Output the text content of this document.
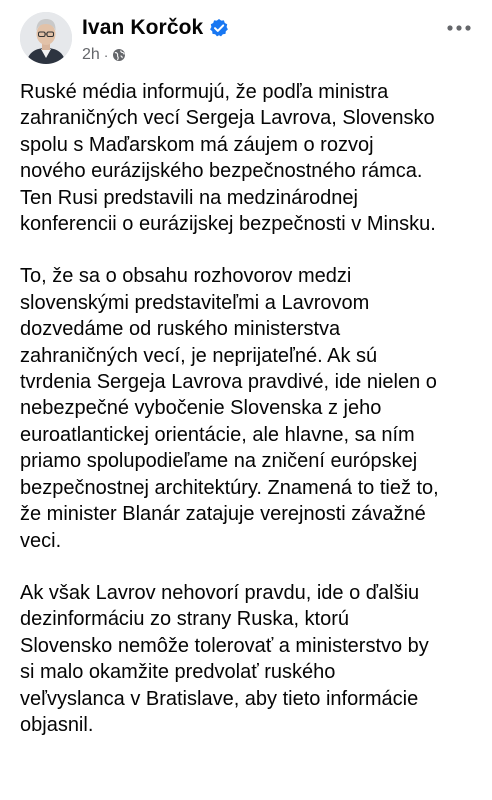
Ivan Korčok
2h ·

Ruské média informujú, že podľa ministra
zahraničných vecí Sergeja Lavrova, Slovensko
spolu s Maďarskom má záujem o rozvoj
nového eurázijského bezpečnostného rámca.
Ten Rusi predstavili na medzinárodnej
konferencii o eurázijskej bezpečnosti v Minsku.

To, že sa o obsahu rozhovorov medzi
slovenskými predstaviteľmi a Lavrovom
dozvedáme od ruského ministerstva
zahraničných vecí, je neprijateľné. Ak sú
tvrdenia Sergeja Lavrova pravdivé, ide nielen o
nebezpečné vybočenie Slovenska z jeho
euroatlantickej orientácie, ale hlavne, sa ním
priamo spolupodieľame na zničení európskej
bezpečnostnej architektúry. Znamená to tiež to,
že minister Blanár zatajuje verejnosti závažné
veci.

Ak však Lavrov nehovorí pravdu, ide o ďalšiu
dezinformáciu zo strany Ruska, ktorú
Slovensko nemôže tolerovať a ministerstvo by
si malo okamžite predvolať ruského
veľvyslanca v Bratislave, aby tieto informácie
objasnil.
